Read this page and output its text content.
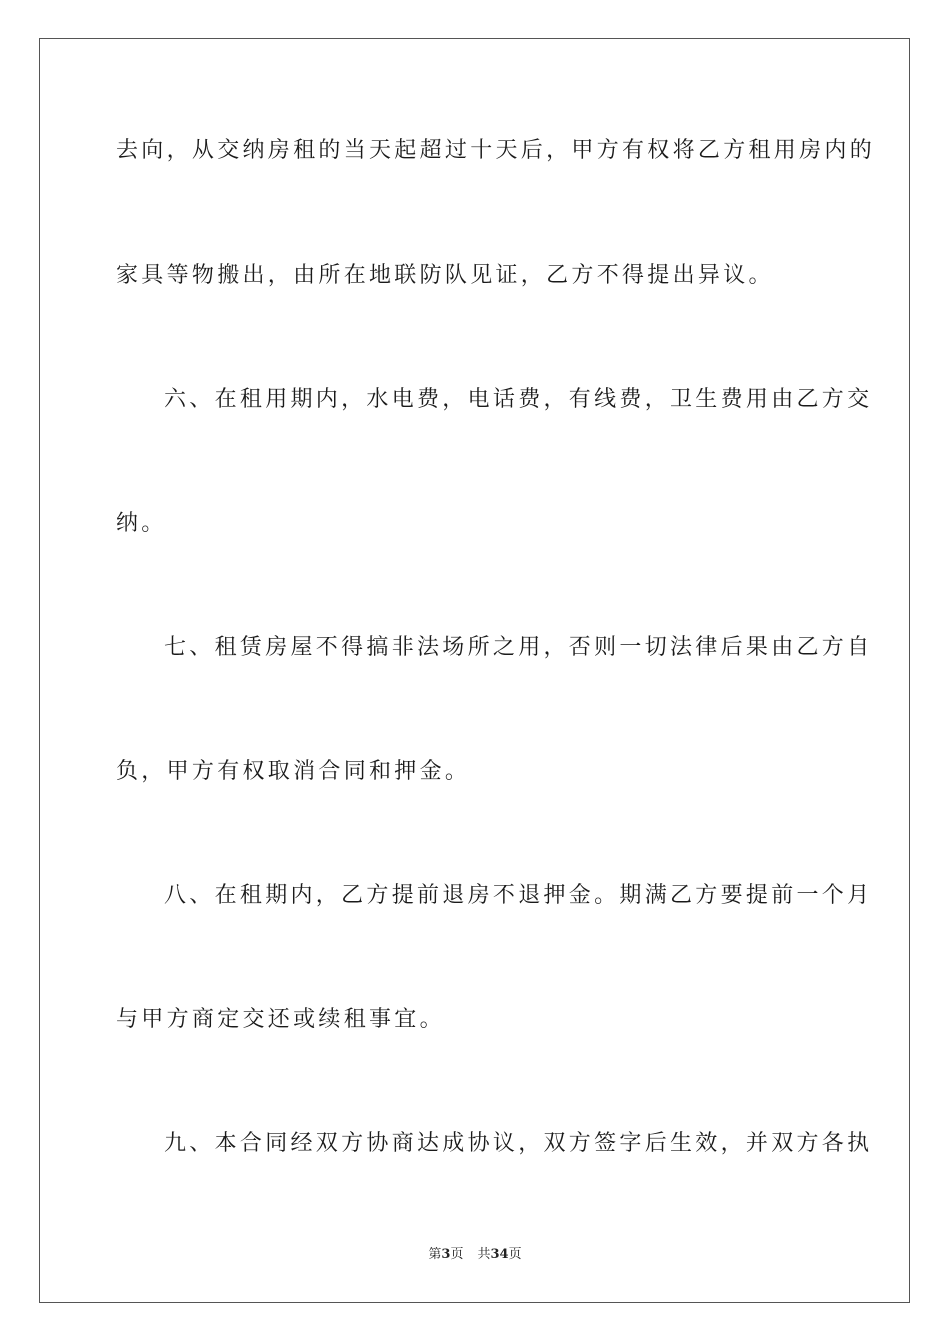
去向，从交纳房租的当天起超过十天后，甲方有权将乙方租用房内的
家具等物搬出，由所在地联防队见证，乙方不得提出异议。
六、在租用期内，水电费，电话费，有线费，卫生费用由乙方交
纳。
七、租赁房屋不得搞非法场所之用，否则一切法律后果由乙方自
负，甲方有权取消合同和押金。
八、在租期内，乙方提前退房不退押金。期满乙方要提前一个月
与甲方商定交还或续租事宜。
九、本合同经双方协商达成协议，双方签字后生效，并双方各执
第3页 共34页
